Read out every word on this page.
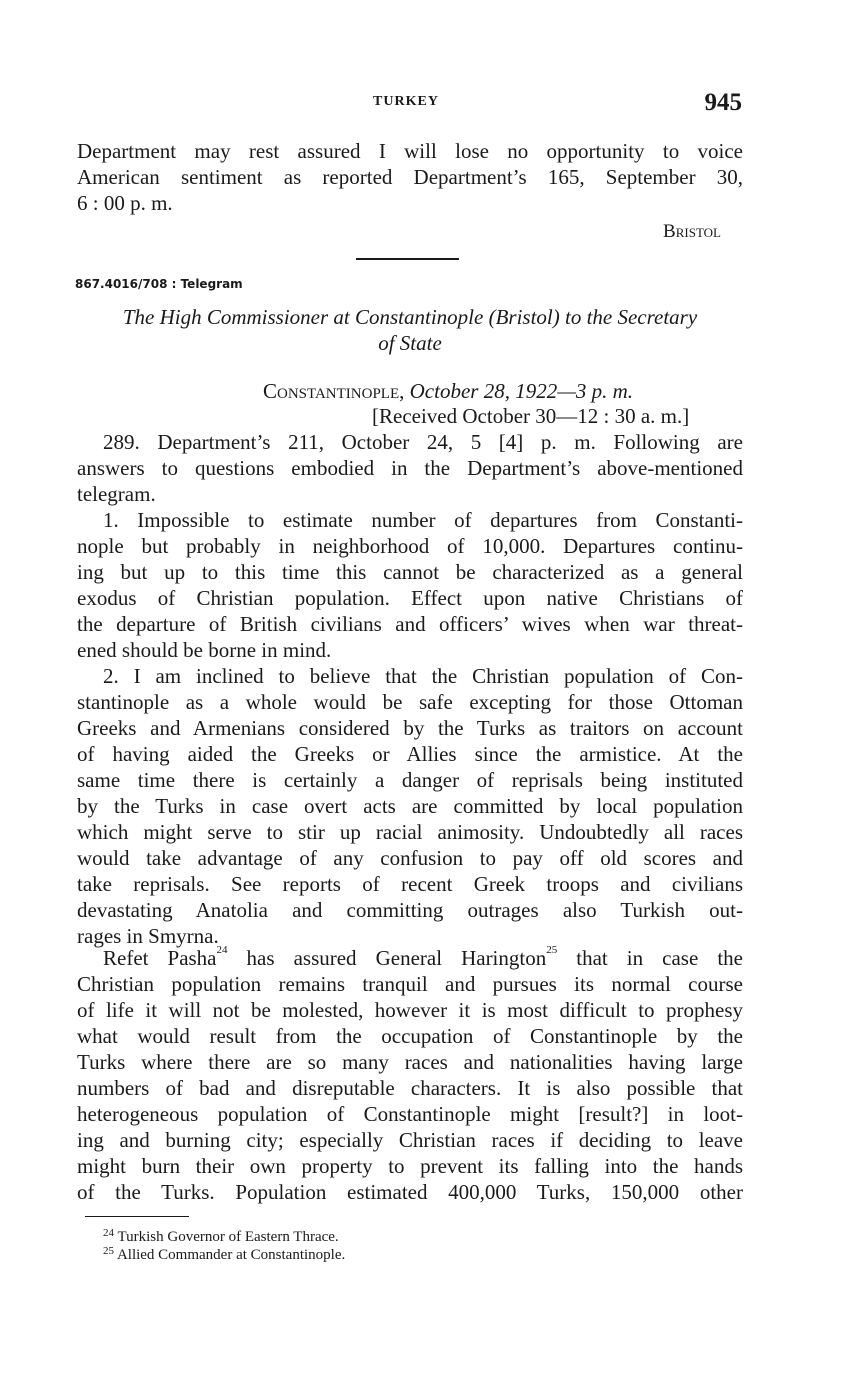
TURKEY	945
Department may rest assured I will lose no opportunity to voice
American sentiment as reported Department’s 165, September 30,
6 : 00 p. m.
Bristol
867.4016/708 : Telegram
The High Commissioner at Constantinople (Bristol) to the Secretary
of State
Constantinople, October 28, 1922—3 p. m.
[Received October 30—12 : 30 a. m.]
289. Department’s 211, October 24, 5 [4] p. m. Following are
answers to questions embodied in the Department’s above-mentioned
telegram.
1. Impossible to estimate number of departures from Constanti-
nople but probably in neighborhood of 10,000. Departures continu-
ing but up to this time this cannot be characterized as a general
exodus of Christian population. Effect upon native Christians of
the departure of British civilians and officers’ wives when war threat-
ened should be borne in mind.
2. I am inclined to believe that the Christian population of Con-
stantinople as a whole would be safe excepting for those Ottoman
Greeks and Armenians considered by the Turks as traitors on account
of having aided the Greeks or Allies since the armistice. At the
same time there is certainly a danger of reprisals being instituted
by the Turks in case overt acts are committed by local population
which might serve to stir up racial animosity. Undoubtedly all races
would take advantage of any confusion to pay off old scores and
take reprisals. See reports of recent Greek troops and civilians
devastating Anatolia and committing outrages also Turkish out-
rages in Smyrna.
Refet Pasha$^{24}$ has assured General Harington$^{25}$ that in case the
Christian population remains tranquil and pursues its normal course
of life it will not be molested, however it is most difficult to prophesy
what would result from the occupation of Constantinople by the
Turks where there are so many races and nationalities having large
numbers of bad and disreputable characters. It is also possible that
heterogeneous population of Constantinople might [result?] in loot-
ing and burning city; especially Christian races if deciding to leave
might burn their own property to prevent its falling into the hands
of the Turks. Population estimated 400,000 Turks, 150,000 other
$^{24}$ Turkish Governor of Eastern Thrace.
$^{25}$ Allied Commander at Constantinople.
